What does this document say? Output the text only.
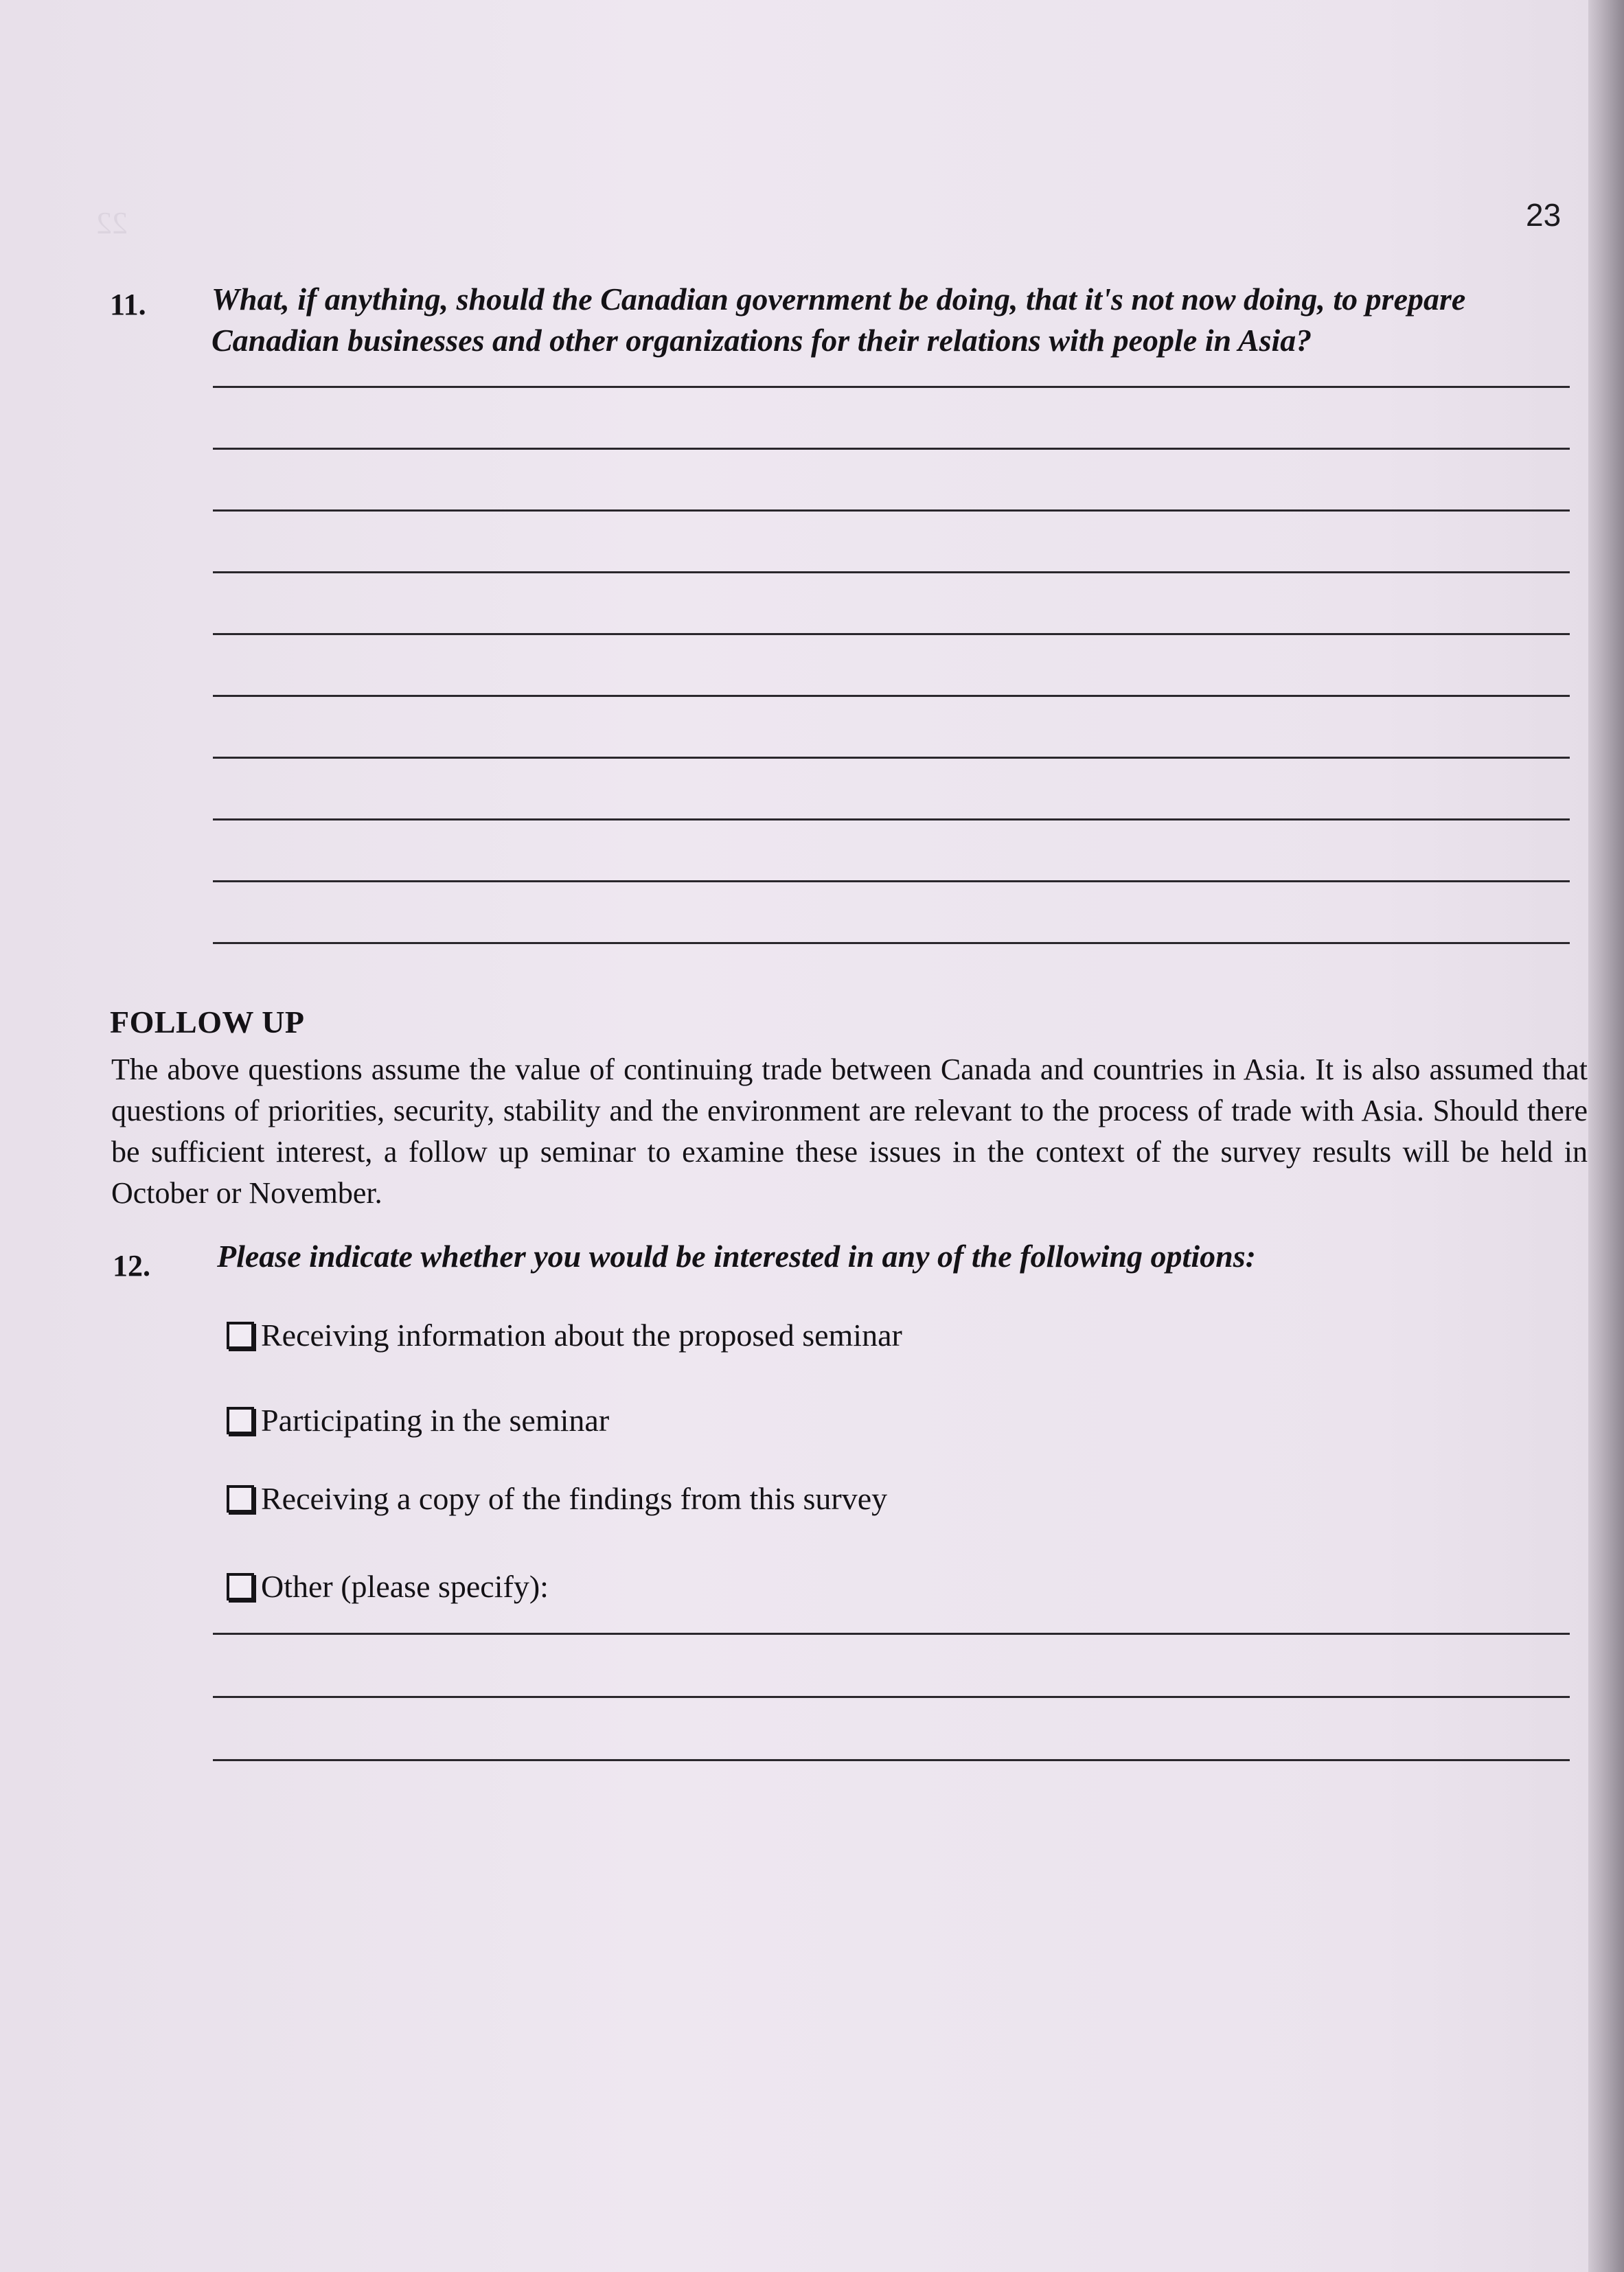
22	23
11. What, if anything, should the Canadian government be doing, that it's not now doing, to prepare
Canadian businesses and other organizations for their relations with people in Asia?
FOLLOW UP
The above questions assume the value of continuing trade between Canada and countries in Asia. It is also assumed that questions of priorities, security, stability and the environment are relevant to the process of trade with Asia. Should there be sufficient interest, a follow up seminar to examine these issues in the context of the survey results will be held in October or November.
12. Please indicate whether you would be interested in any of the following options:
Receiving information about the proposed seminar
Participating in the seminar
Receiving a copy of the findings from this survey
Other (please specify):
